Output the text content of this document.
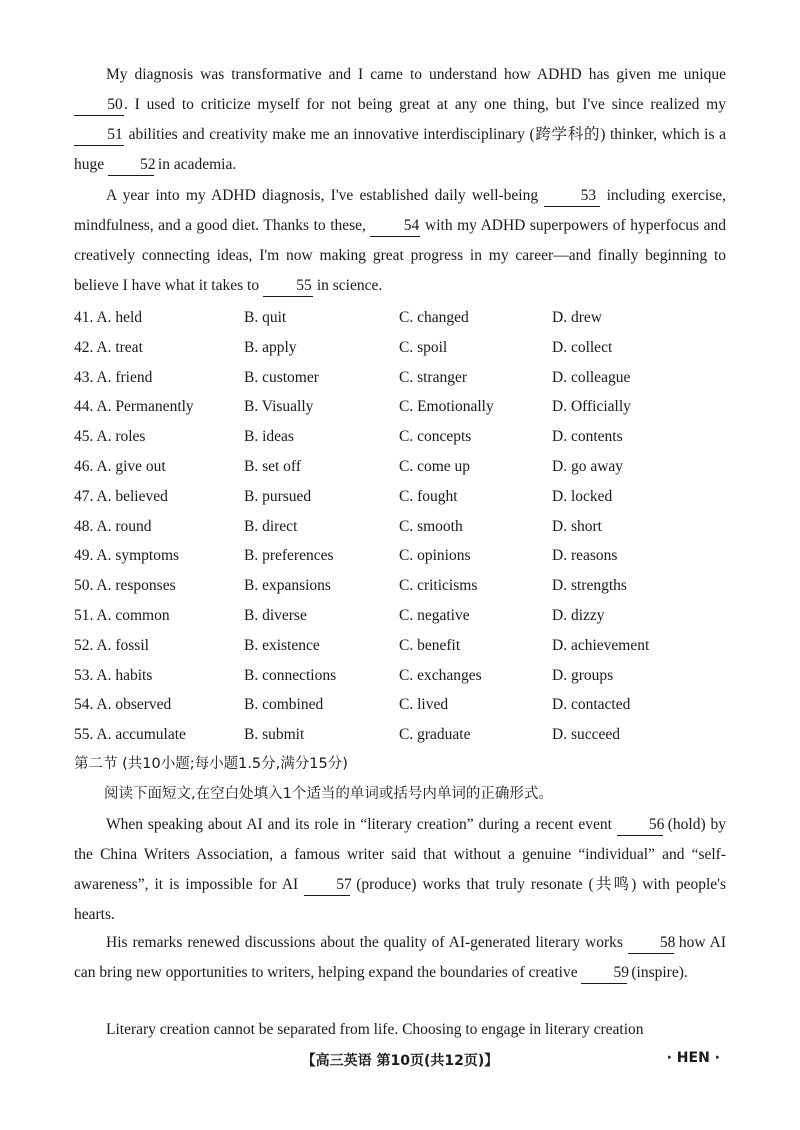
My diagnosis was transformative and I came to understand how ADHD has given me unique 50. I used to criticize myself for not being great at any one thing, but I've since realized my 51 abilities and creativity make me an innovative interdisciplinary (跨学科的) thinker, which is a huge 52 in academia.
A year into my ADHD diagnosis, I've established daily well-being 53 including exercise, mindfulness, and a good diet. Thanks to these, 54 with my ADHD superpowers of hyperfocus and creatively connecting ideas, I'm now making great progress in my career—and finally beginning to believe I have what it takes to 55 in science.
41. A. held	B. quit	C. changed	D. drew
42. A. treat	B. apply	C. spoil	D. collect
43. A. friend	B. customer	C. stranger	D. colleague
44. A. Permanently	B. Visually	C. Emotionally	D. Officially
45. A. roles	B. ideas	C. concepts	D. contents
46. A. give out	B. set off	C. come up	D. go away
47. A. believed	B. pursued	C. fought	D. locked
48. A. round	B. direct	C. smooth	D. short
49. A. symptoms	B. preferences	C. opinions	D. reasons
50. A. responses	B. expansions	C. criticisms	D. strengths
51. A. common	B. diverse	C. negative	D. dizzy
52. A. fossil	B. existence	C. benefit	D. achievement
53. A. habits	B. connections	C. exchanges	D. groups
54. A. observed	B. combined	C. lived	D. contacted
55. A. accumulate	B. submit	C. graduate	D. succeed
第二节 (共10小题;每小题1.5分,满分15分)
阅读下面短文,在空白处填入1个适当的单词或括号内单词的正确形式。
When speaking about AI and its role in “literary creation” during a recent event 56 (hold) by the China Writers Association, a famous writer said that without a genuine “individual” and “self-awareness”, it is impossible for AI 57 (produce) works that truly resonate (共鸣) with people's hearts.
His remarks renewed discussions about the quality of AI-generated literary works 58 how AI can bring new opportunities to writers, helping expand the boundaries of creative 59 (inspire).
Literary creation cannot be separated from life. Choosing to engage in literary creation
【高三英语 第10页(共12页)】	· HEN ·
